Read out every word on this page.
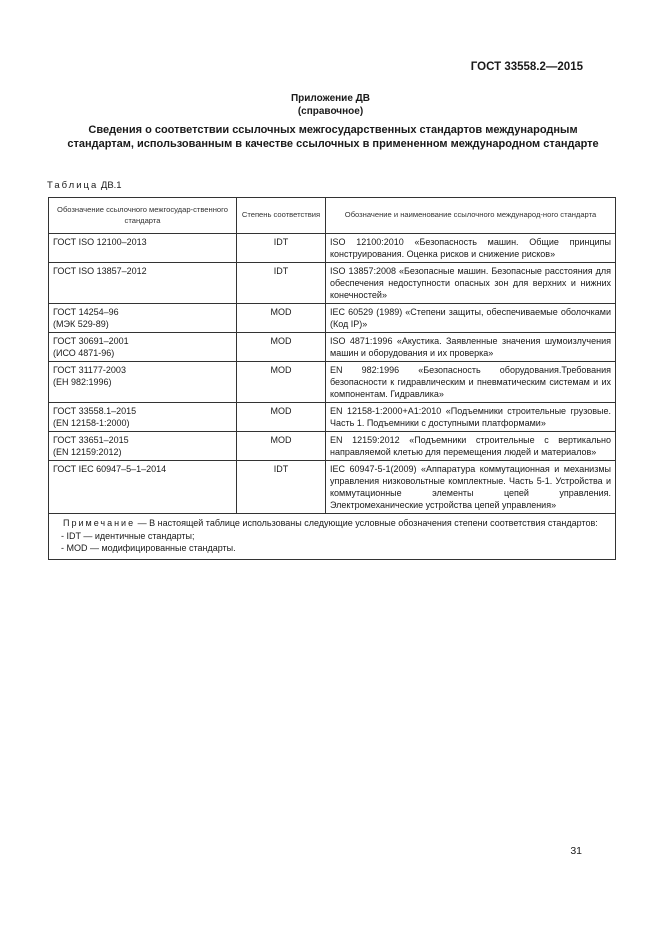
ГОСТ 33558.2—2015
Приложение ДВ
(справочное)
Сведения о соответствии ссылочных межгосударственных стандартов международным стандартам, использованным в качестве ссылочных в примененном международном стандарте
Таблица ДВ.1
Обозначение ссылочного межгосудар-ственного стандарта	Степень соответствия	Обозначение и наименование ссылочного международ-ного стандарта

ГОСТ ISO 12100–2013	IDT	ISO 12100:2010 «Безопасность машин. Общие принципы конструирования. Оценка рисков и снижение рисков»

ГОСТ ISO 13857–2012	IDT	ISO 13857:2008 «Безопасные машин. Безопасные расстояния для обеспечения недоступности опасных зон для верхних и нижних конечностей»

ГОСТ 14254–96
(МЭК 529-89)	MOD	IEC 60529 (1989) «Степени защиты, обеспечиваемые оболочками (Код IP)»

ГОСТ 30691–2001
(ИСО 4871-96)	MOD	ISO 4871:1996 «Акустика. Заявленные значения шумоизлучения машин и оборудования и их проверка»

ГОСТ 31177-2003
(ЕН 982:1996)	MOD	EN 982:1996 «Безопасность оборудования.Требования безопасности к гидравлическим и пневматическим системам и их компонентам. Гидравлика»

ГОСТ 33558.1–2015
(EN 12158-1:2000)	MOD	EN 12158-1:2000+A1:2010 «Подъемники строительные грузовые. Часть 1. Подъемники с доступными платформами»

ГОСТ 33651–2015
(EN 12159:2012)	MOD	EN 12159:2012 «Подъемники строительные с вертикально направляемой клетью для перемещения людей и материалов»

ГОСТ IEC 60947–5–1–2014	IDT	IEC 60947-5-1(2009) «Аппаратура коммутационная и механизмы управления низковольтные комплектные. Часть 5-1. Устройства и коммутационные элементы цепей управления. Электромеханические устройства цепей управления»

Примечание — В настоящей таблице использованы следующие условные обозначения степени соответствия стандартов:
- IDT — идентичные стандарты;
- MOD — модифицированные стандарты.		
31
